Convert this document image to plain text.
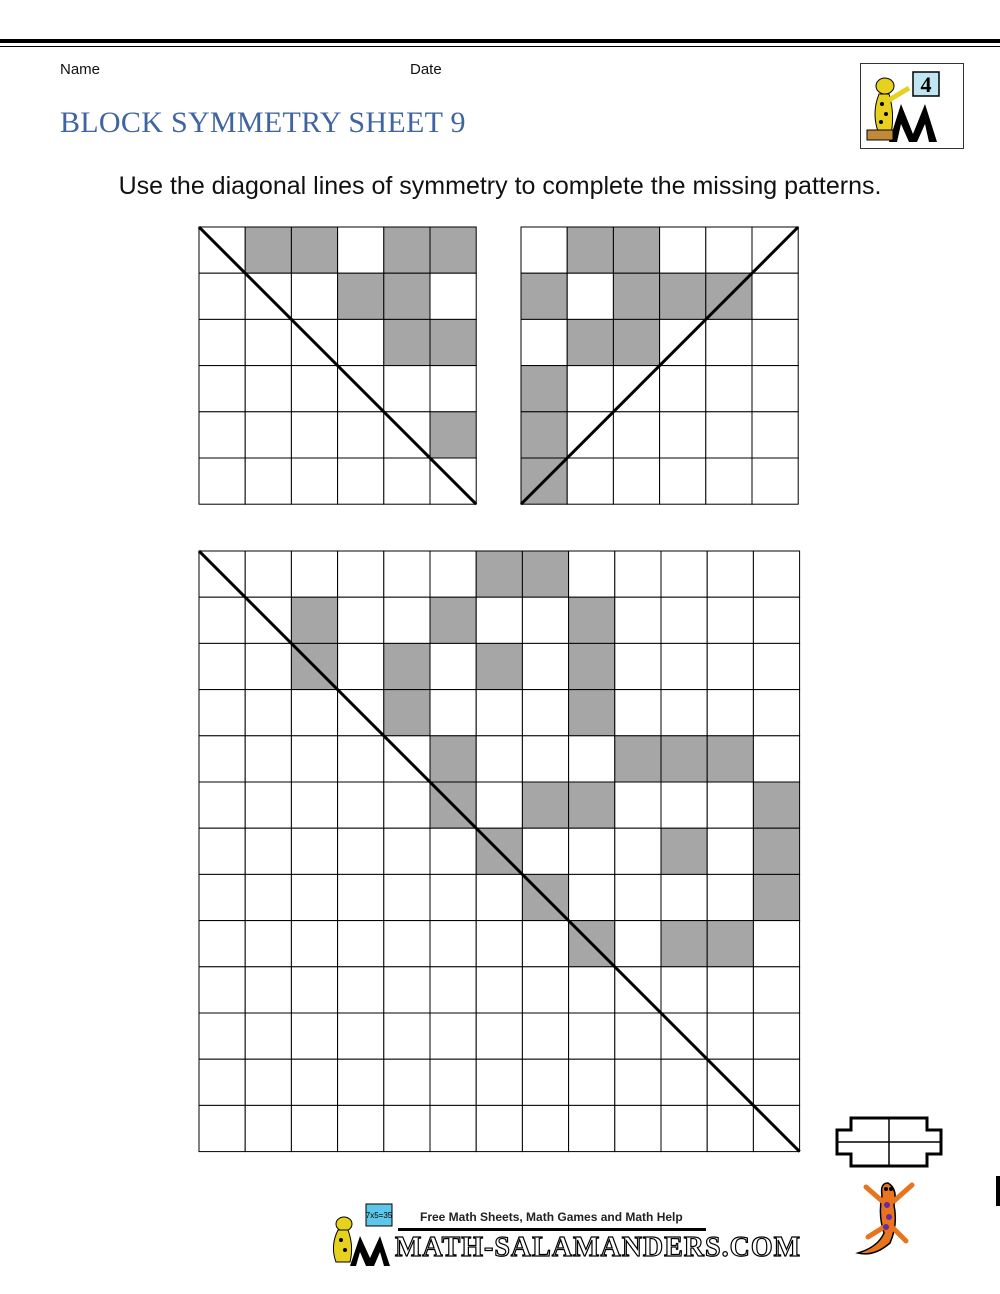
Name	Date
BLOCK SYMMETRY SHEET 9
4
Use the diagonal lines of symmetry to complete the missing patterns.
7x5=35 Free Math Sheets, Math Games and Math Help
MATH-SALAMANDERS.COM
